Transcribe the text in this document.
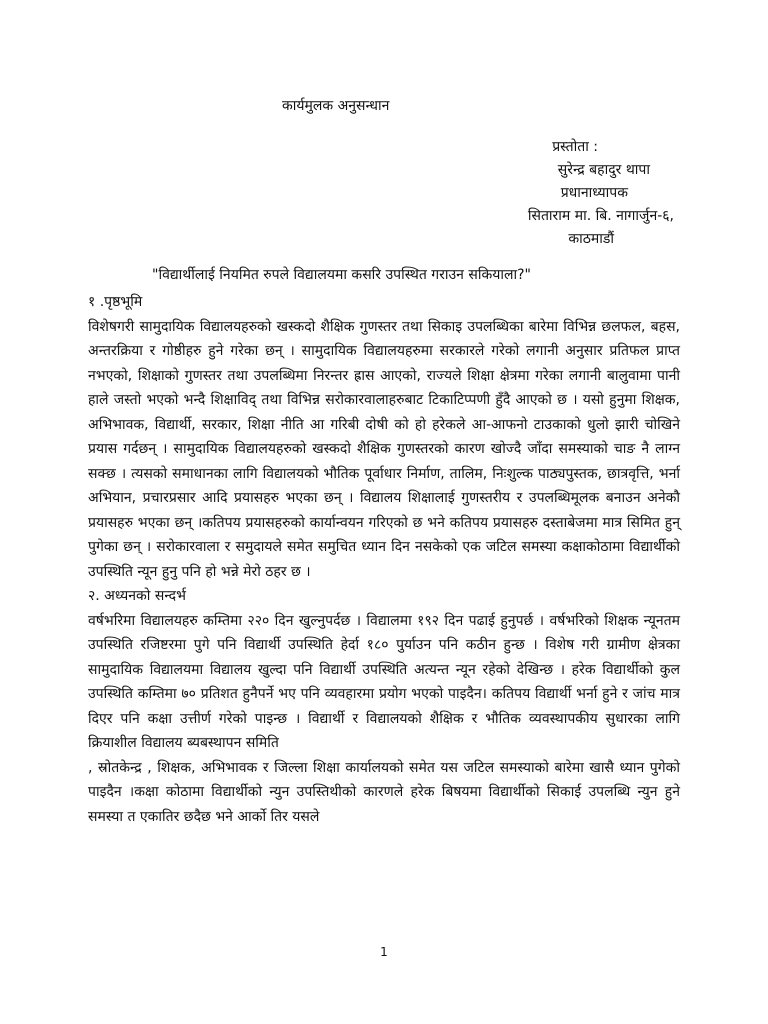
कार्यमुलक अनुसन्धान
प्रस्तोता :
सुरेन्द्र बहादुर थापा
प्रधानाध्यापक
सिताराम मा. बि. नागार्जुन-६,
काठमाडौं
"विद्यार्थीलाई नियमित रुपले विद्यालयमा कसरि उपस्थित गराउन सकियाला?"

१ .पृष्ठभूमि

विशेषगरी सामुदायिक विद्यालयहरुको खस्कदो शैक्षिक गुणस्तर तथा सिकाइ उपलब्धिका बारेमा विभिन्न छलफल, बहस, अन्तरक्रिया र गोष्ठीहरु हुने गरेका छन् । सामुदायिक विद्यालयहरुमा सरकारले गरेको लगानी अनुसार प्रतिफल प्राप्त नभएको, शिक्षाको गुणस्तर तथा उपलब्धिमा निरन्तर ह्रास आएको, राज्यले शिक्षा क्षेत्रमा गरेका लगानी बालुवामा पानी हाले जस्तो भएको भन्दै शिक्षाविद् तथा विभिन्न सरोकारवालाहरुबाट टिकाटिप्पणी हुँदै आएको छ । यसो हुनुमा शिक्षक, अभिभावक, विद्यार्थी, सरकार, शिक्षा नीति आ गरिबी दोषी को हो हरेकले आ-आफनो टाउकाको धुलो झारी चोखिने प्रयास गर्दछन् । सामुदायिक विद्यालयहरुको खस्कदो शैक्षिक गुणस्तरको कारण खोज्दै जाँदा समस्याको चाङ नै लाग्न सक्छ । त्यसको समाधानका लागि विद्यालयको भौतिक पूर्वाधार निर्माण, तालिम, निःशुल्क पाठ्यपुस्तक, छात्रवृत्ति, भर्ना अभियान, प्रचारप्रसार आदि प्रयासहरु भएका छन् । विद्यालय शिक्षालाई गुणस्तरीय र उपलब्धिमूलक बनाउन अनेकौ प्रयासहरु भएका छन् ।कतिपय प्रयासहरुको कार्यान्वयन गरिएको छ भने कतिपय प्रयासहरु दस्ताबेजमा मात्र सिमित हुन् पुगेका छन् । सरोकारवाला र समुदायले समेत समुचित ध्यान दिन नसकेको एक जटिल समस्या कक्षाकोठामा विद्यार्थीको उपस्थिति न्यून हुनु पनि हो भन्ने मेरो ठहर छ ।

२. अध्यनको सन्दर्भ

वर्षभरिमा विद्यालयहरु कम्तिमा २२० दिन खुल्नुपर्दछ । विद्यालमा १९२ दिन पढाई हुनुपर्छ । वर्षभरिको शिक्षक न्यूनतम उपस्थिति रजिष्टरमा पुगे पनि विद्यार्थी उपस्थिति हेर्दा १८० पुर्याउन पनि कठीन हुन्छ । विशेष गरी ग्रामीण क्षेत्रका सामुदायिक विद्यालयमा विद्यालय खुल्दा पनि विद्यार्थी उपस्थिति अत्यन्त न्यून रहेको देखिन्छ । हरेक विद्यार्थीको कुल उपस्थिति कम्तिमा ७० प्रतिशत हुनैपर्ने भए पनि व्यवहारमा प्रयोग भएको पाइदैन। कतिपय विद्यार्थी भर्ना हुने र जांच मात्र दिएर पनि कक्षा उत्तीर्ण गरेको पाइन्छ । विद्यार्थी र विद्यालयको शैक्षिक र भौतिक व्यवस्थापकीय सुधारका लागि क्रियाशील विद्यालय ब्यबस्थापन समिति

, स्रोतकेन्द्र , शिक्षक, अभिभावक र जिल्ला शिक्षा कार्यालयको समेत यस जटिल समस्याको बारेमा खासै ध्यान पुगेको पाइदैन ।कक्षा कोठामा विद्यार्थीको न्युन उपस्तिथीको कारणले हरेक बिषयमा विद्यार्थीको सिकाई उपलब्धि न्युन हुने समस्या त एकातिर छदैछ भने आर्को तिर यसले

1
